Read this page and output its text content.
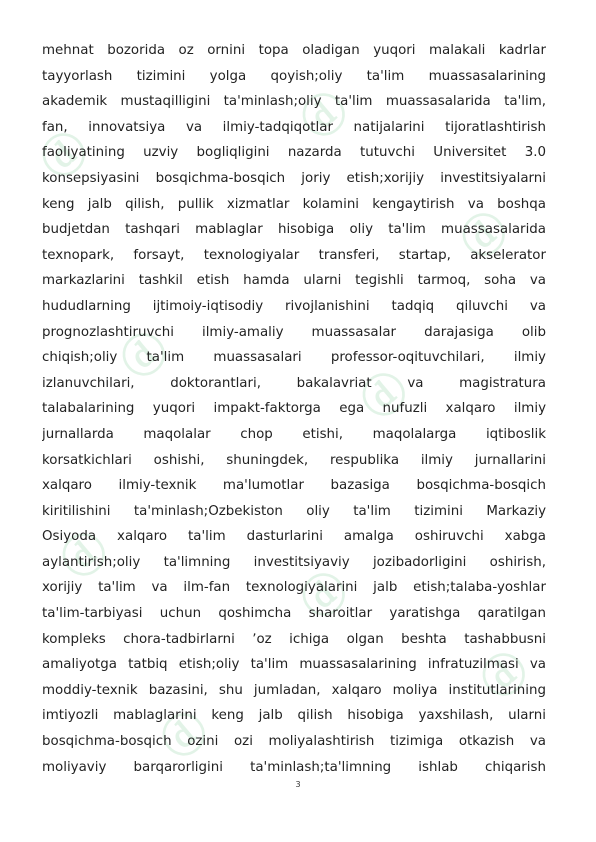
ⓓ
ⓓ
ⓓ
ⓓ
ⓓ
ⓓ
ⓓ
ⓓ
ⓓ
mehnat bozorida oz ornini topa oladigan yuqori malakali kadrlar
tayyorlash tizimini yolga qoyish;oliy ta'lim muassasalarining
akademik mustaqilligini ta'minlash;oliy ta'lim muassasalarida ta'lim,
fan, innovatsiya va ilmiy-tadqiqotlar natijalarini tijoratlashtirish
faoliyatining uzviy bogliqligini nazarda tutuvchi Universitet 3.0
konsepsiyasini bosqichma-bosqich joriy etish;xorijiy investitsiyalarni
keng jalb qilish, pullik xizmatlar kolamini kengaytirish va boshqa
budjetdan tashqari mablaglar hisobiga oliy ta'lim muassasalarida
texnopark, forsayt, texnologiyalar transferi, startap, akselerator
markazlarini tashkil etish hamda ularni tegishli tarmoq, soha va
hududlarning ijtimoiy-iqtisodiy rivojlanishini tadqiq qiluvchi va
prognozlashtiruvchi ilmiy-amaliy muassasalar darajasiga olib
chiqish;oliy ta'lim muassasalari professor-oqituvchilari, ilmiy
izlanuvchilari, doktorantlari, bakalavriat va magistratura
talabalarining yuqori impakt-faktorga ega nufuzli xalqaro ilmiy
jurnallarda maqolalar chop etishi, maqolalarga iqtiboslik
korsatkichlari oshishi, shuningdek, respublika ilmiy jurnallarini
xalqaro ilmiy-texnik ma'lumotlar bazasiga bosqichma-bosqich
kiritilishini ta'minlash;Ozbekiston oliy ta'lim tizimini Markaziy
Osiyoda xalqaro ta'lim dasturlarini amalga oshiruvchi xabga
aylantirish;oliy ta'limning investitsiyaviy jozibadorligini oshirish,
xorijiy ta'lim va ilm-fan texnologiyalarini jalb etish;talaba-yoshlar
ta'lim-tarbiyasi uchun qoshimcha sharoitlar yaratishga qaratilgan
kompleks chora-tadbirlarni ʼoz ichiga olgan beshta tashabbusni
amaliyotga tatbiq etish;oliy ta'lim muassasalarining infratuzilmasi va
moddiy-texnik bazasini, shu jumladan, xalqaro moliya institutlarining
imtiyozli mablaglarini keng jalb qilish hisobiga yaxshilash, ularni
bosqichma-bosqich ozini ozi moliyalashtirish tizimiga otkazish va
moliyaviy barqarorligini ta'minlash;ta'limning ishlab chiqarish
3
